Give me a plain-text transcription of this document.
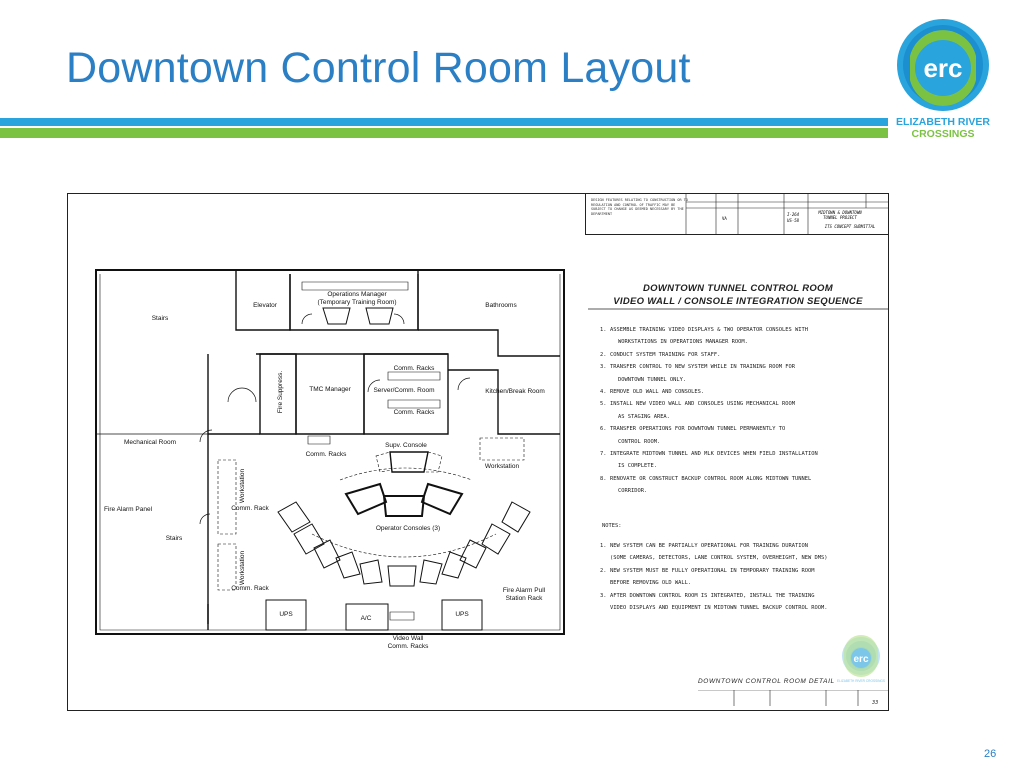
Downtown Control Room Layout	erc
ELIZABETH RIVER
CROSSINGS
Stairs
Elevator
Operations Manager
(Temporary Training Room)	Bathrooms
Fire Suppress.	TMC Manager
Comm. Racks
Server/Comm. Room
Comm. Racks
Kitchen/Break Room
Mechanical Room
Comm. Racks
Supv. Console
Workstation
Workstation
Comm. Rack
Fire Alarm Panel
Stairs
Operator Consoles (3)
Workstation
Comm. Rack	Fire Alarm Pull
Station Rack
UPS
A/C
UPS
Video Wall
Comm. Racks
DESIGN FEATURES RELATING TO CONSTRUCTION OR TO REGULATION AND CONTROL OF TRAFFIC MAY BE SUBJECT TO CHANGE AS DEEMED NECESSARY BY THE DEPARTMENT
VA
I-264
US-58
MIDTOWN & DOWNTOWN TUNNEL PROJECT
ITS CONCEPT SUBMITTAL
DOWNTOWN TUNNEL CONTROL ROOM
VIDEO WALL / CONSOLE INTEGRATION SEQUENCE
1. ASSEMBLE TRAINING VIDEO DISPLAYS & TWO OPERATOR CONSOLES WITH
WORKSTATIONS IN OPERATIONS MANAGER ROOM.
2. CONDUCT SYSTEM TRAINING FOR STAFF.
3. TRANSFER CONTROL TO NEW SYSTEM WHILE IN TRAINING ROOM FOR
DOWNTOWN TUNNEL ONLY.
4. REMOVE OLD WALL AND CONSOLES.
5. INSTALL NEW VIDEO WALL AND CONSOLES USING MECHANICAL ROOM
AS STAGING AREA.
6. TRANSFER OPERATIONS FOR DOWNTOWN TUNNEL PERMANENTLY TO
CONTROL ROOM.
7. INTEGRATE MIDTOWN TUNNEL AND MLK DEVICES WHEN FIELD INSTALLATION
IS COMPLETE.
8. RENOVATE OR CONSTRUCT BACKUP CONTROL ROOM ALONG MIDTOWN TUNNEL
CORRIDOR.
NOTES:
1. NEW SYSTEM CAN BE PARTIALLY OPERATIONAL FOR TRAINING DURATION
(SOME CAMERAS, DETECTORS, LANE CONTROL SYSTEM, OVERHEIGHT, NEW DMS)
2. NEW SYSTEM MUST BE FULLY OPERATIONAL IN TEMPORARY TRAINING ROOM
BEFORE REMOVING OLD WALL.
3. AFTER DOWNTOWN CONTROL ROOM IS INTEGRATED, INSTALL THE TRAINING
VIDEO DISPLAYS AND EQUIPMENT IN MIDTOWN TUNNEL BACKUP CONTROL ROOM.
erc
ELIZABETH RIVER CROSSINGS
DOWNTOWN CONTROL ROOM DETAIL
33
26
